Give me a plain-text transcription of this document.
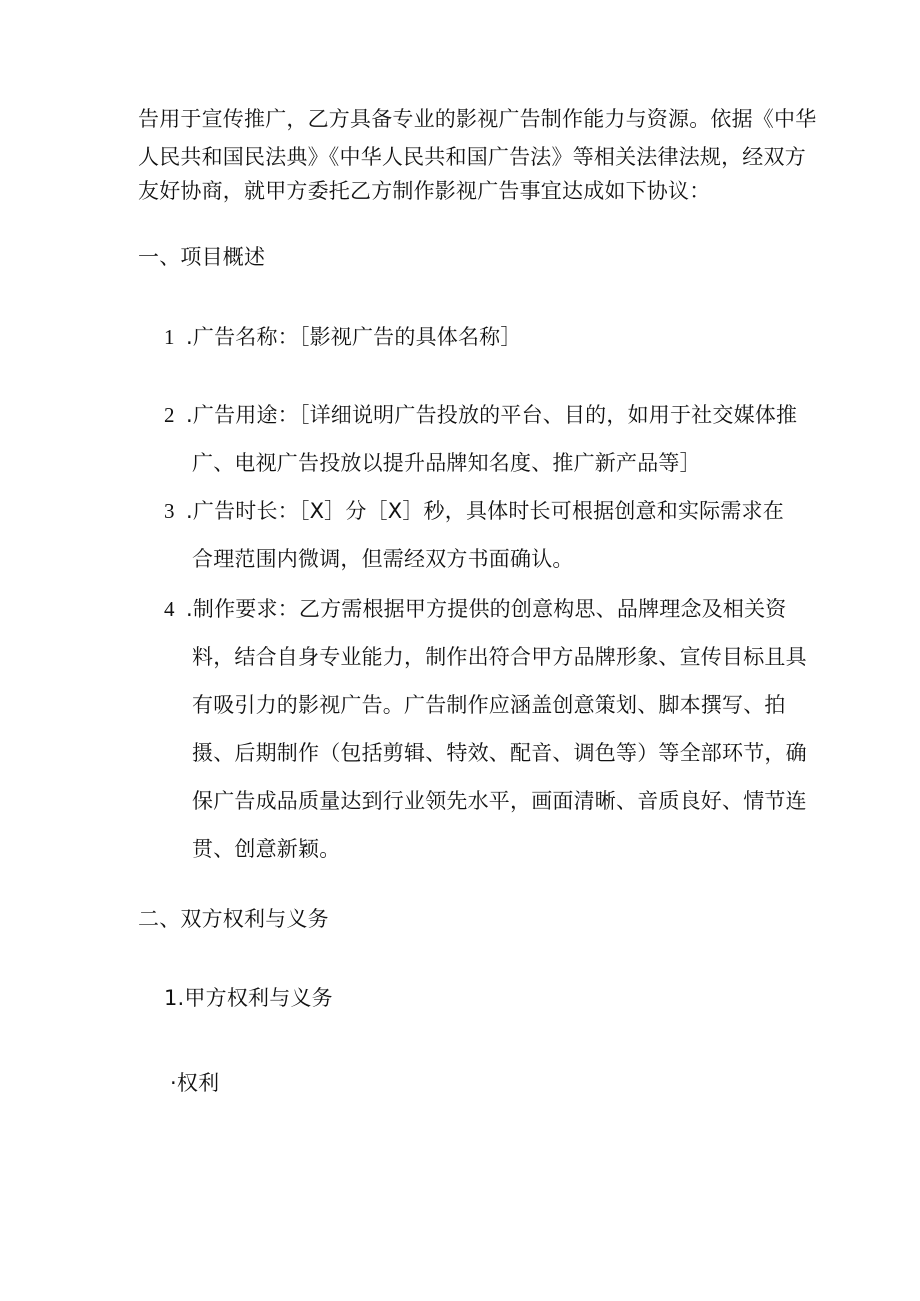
告用于宣传推广，乙方具备专业的影视广告制作能力与资源。依据《中华
人民共和国民法典》《中华人民共和国广告法》等相关法律法规，经双方
友好协商，就甲方委托乙方制作影视广告事宜达成如下协议：
一、项目概述
1 .广告名称：［影视广告的具体名称］
2 .广告用途：［详细说明广告投放的平台、目的，如用于社交媒体推
广、电视广告投放以提升品牌知名度、推广新产品等］
3 .广告时长：［X］分［X］秒，具体时长可根据创意和实际需求在
合理范围内微调，但需经双方书面确认。
4 .制作要求：乙方需根据甲方提供的创意构思、品牌理念及相关资
料，结合自身专业能力，制作出符合甲方品牌形象、宣传目标且具
有吸引力的影视广告。广告制作应涵盖创意策划、脚本撰写、拍
摄、后期制作（包括剪辑、特效、配音、调色等）等全部环节，确
保广告成品质量达到行业领先水平，画面清晰、音质良好、情节连
贯、创意新颖。
二、双方权利与义务
1.甲方权利与义务
·权利
